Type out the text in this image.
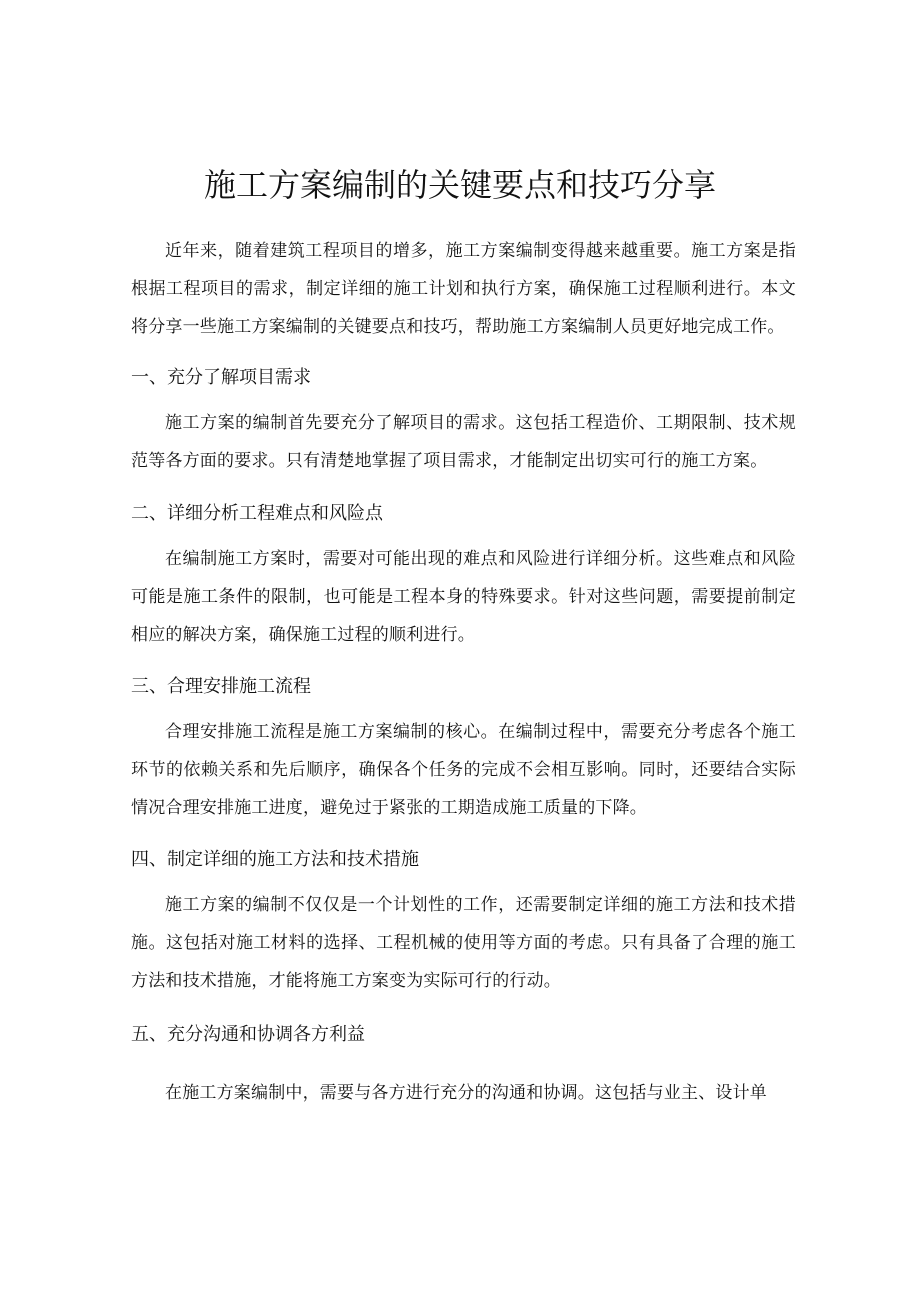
施工方案编制的关键要点和技巧分享

近年来，随着建筑工程项目的增多，施工方案编制变得越来越重要。施工方案是指根据工程项目的需求，制定详细的施工计划和执行方案，确保施工过程顺利进行。本文将分享一些施工方案编制的关键要点和技巧，帮助施工方案编制人员更好地完成工作。

一、充分了解项目需求

施工方案的编制首先要充分了解项目的需求。这包括工程造价、工期限制、技术规范等各方面的要求。只有清楚地掌握了项目需求，才能制定出切实可行的施工方案。

二、详细分析工程难点和风险点

在编制施工方案时，需要对可能出现的难点和风险进行详细分析。这些难点和风险可能是施工条件的限制，也可能是工程本身的特殊要求。针对这些问题，需要提前制定相应的解决方案，确保施工过程的顺利进行。

三、合理安排施工流程

合理安排施工流程是施工方案编制的核心。在编制过程中，需要充分考虑各个施工环节的依赖关系和先后顺序，确保各个任务的完成不会相互影响。同时，还要结合实际情况合理安排施工进度，避免过于紧张的工期造成施工质量的下降。

四、制定详细的施工方法和技术措施

施工方案的编制不仅仅是一个计划性的工作，还需要制定详细的施工方法和技术措施。这包括对施工材料的选择、工程机械的使用等方面的考虑。只有具备了合理的施工方法和技术措施，才能将施工方案变为实际可行的行动。

五、充分沟通和协调各方利益

在施工方案编制中，需要与各方进行充分的沟通和协调。这包括与业主、设计单
